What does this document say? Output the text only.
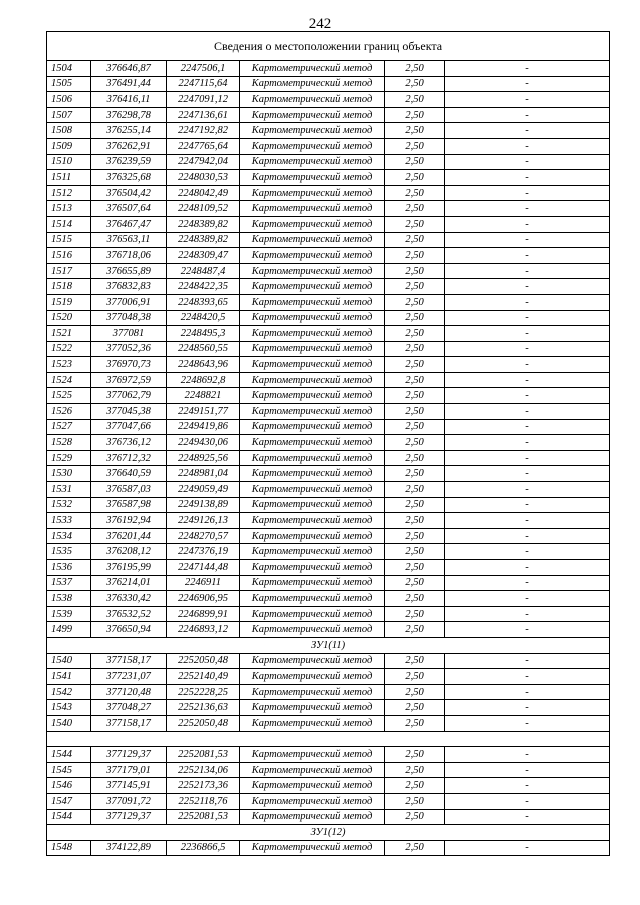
242
Сведения о местоположении границ объекта					
1504	376646,87	2247506,1	Картометрический метод	2,50	-
1505	376491,44	2247115,64	Картометрический метод	2,50	-
1506	376416,11	2247091,12	Картометрический метод	2,50	-
1507	376298,78	2247136,61	Картометрический метод	2,50	-
1508	376255,14	2247192,82	Картометрический метод	2,50	-
1509	376262,91	2247765,64	Картометрический метод	2,50	-
1510	376239,59	2247942,04	Картометрический метод	2,50	-
1511	376325,68	2248030,53	Картометрический метод	2,50	-
1512	376504,42	2248042,49	Картометрический метод	2,50	-
1513	376507,64	2248109,52	Картометрический метод	2,50	-
1514	376467,47	2248389,82	Картометрический метод	2,50	-
1515	376563,11	2248389,82	Картометрический метод	2,50	-
1516	376718,06	2248309,47	Картометрический метод	2,50	-
1517	376655,89	2248487,4	Картометрический метод	2,50	-
1518	376832,83	2248422,35	Картометрический метод	2,50	-
1519	377006,91	2248393,65	Картометрический метод	2,50	-
1520	377048,38	2248420,5	Картометрический метод	2,50	-
1521	377081	2248495,3	Картометрический метод	2,50	-
1522	377052,36	2248560,55	Картометрический метод	2,50	-
1523	376970,73	2248643,96	Картометрический метод	2,50	-
1524	376972,59	2248692,8	Картометрический метод	2,50	-
1525	377062,79	2248821	Картометрический метод	2,50	-
1526	377045,38	2249151,77	Картометрический метод	2,50	-
1527	377047,66	2249419,86	Картометрический метод	2,50	-
1528	376736,12	2249430,06	Картометрический метод	2,50	-
1529	376712,32	2248925,56	Картометрический метод	2,50	-
1530	376640,59	2248981,04	Картометрический метод	2,50	-
1531	376587,03	2249059,49	Картометрический метод	2,50	-
1532	376587,98	2249138,89	Картометрический метод	2,50	-
1533	376192,94	2249126,13	Картометрический метод	2,50	-
1534	376201,44	2248270,57	Картометрический метод	2,50	-
1535	376208,12	2247376,19	Картометрический метод	2,50	-
1536	376195,99	2247144,48	Картометрический метод	2,50	-
1537	376214,01	2246911	Картометрический метод	2,50	-
1538	376330,42	2246906,95	Картометрический метод	2,50	-
1539	376532,52	2246899,91	Картометрический метод	2,50	-
1499	376650,94	2246893,12	Картометрический метод	2,50	-
ЗУ1(11)					
1540	377158,17	2252050,48	Картометрический метод	2,50	-
1541	377231,07	2252140,49	Картометрический метод	2,50	-
1542	377120,48	2252228,25	Картометрический метод	2,50	-
1543	377048,27	2252136,63	Картометрический метод	2,50	-
1540	377158,17	2252050,48	Картометрический метод	2,50	-

1544	377129,37	2252081,53	Картометрический метод	2,50	-
1545	377179,01	2252134,06	Картометрический метод	2,50	-
1546	377145,91	2252173,36	Картометрический метод	2,50	-
1547	377091,72	2252118,76	Картометрический метод	2,50	-
1544	377129,37	2252081,53	Картометрический метод	2,50	-
ЗУ1(12)					
1548	374122,89	2236866,5	Картометрический метод	2,50	-
